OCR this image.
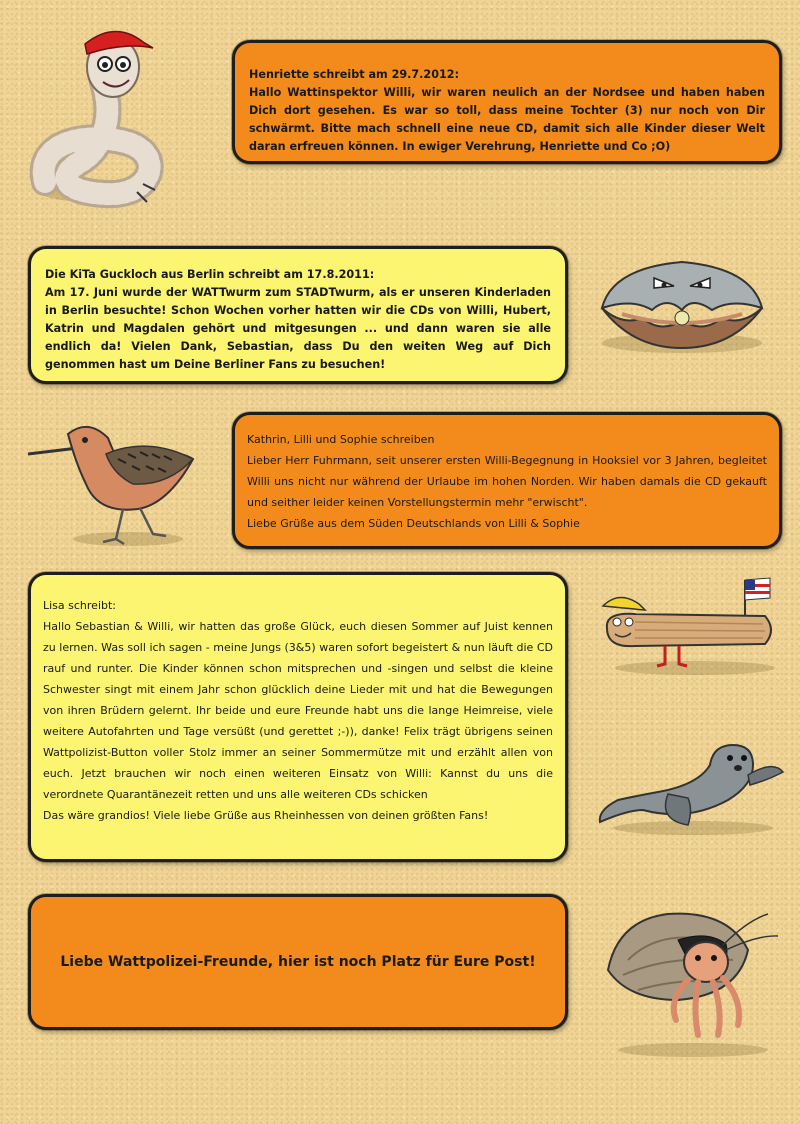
Henriette schreibt am 29.7.2012:

Hallo Wattinspektor Willi, wir waren neulich an der Nordsee und haben haben Dich dort gesehen. Es war so toll, dass meine Tochter (3) nur noch von Dir schwärmt. Bitte mach schnell eine neue CD, damit sich alle Kinder dieser Welt daran erfreuen können. In ewiger Verehrung, Henriette und Co ;O)

Die KiTa Guckloch aus Berlin schreibt am 17.8.2011:

Am 17. Juni wurde der WATTwurm zum STADTwurm, als er unseren Kinderladen in Berlin besuchte! Schon Wochen vorher hatten wir die CDs von Willi, Hubert, Katrin und Magdalen gehört und mitgesungen ... und dann waren sie alle endlich da! Vielen Dank, Sebastian, dass Du den weiten Weg auf Dich genommen hast um Deine Berliner Fans zu besuchen!

Kathrin, Lilli und Sophie schreiben

Lieber Herr Fuhrmann, seit unserer ersten Willi-Begegnung in Hooksiel vor 3 Jahren, begleitet Willi uns nicht nur während der Urlaube im hohen Norden. Wir haben damals die CD gekauft und seither leider keinen Vorstellungstermin mehr "erwischt".

Liebe Grüße aus dem Süden Deutschlands von Lilli & Sophie

Lisa schreibt:

Hallo Sebastian & Willi, wir hatten das große Glück, euch diesen Sommer auf Juist kennen zu lernen. Was soll ich sagen - meine Jungs (3&5) waren sofort begeistert & nun läuft die CD rauf und runter. Die Kinder können schon mitsprechen und -singen und selbst die kleine Schwester singt mit einem Jahr schon glücklich deine Lieder mit und hat die Bewegungen von ihren Brüdern gelernt. Ihr beide und eure Freunde habt uns die lange Heimreise, viele weitere Autofahrten und Tage versüßt (und gerettet ;-)), danke! Felix trägt übrigens seinen Wattpolizist-Button voller Stolz immer an seiner Sommermütze mit und erzählt allen von euch. Jetzt brauchen wir noch einen weiteren Einsatz von Willi: Kannst du uns die verordnete Quarantänezeit retten und uns alle weiteren CDs schicken

Das wäre grandios! Viele liebe Grüße aus Rheinhessen von deinen größten Fans!

Liebe Wattpolizei-Freunde, hier ist noch Platz für Eure Post!
